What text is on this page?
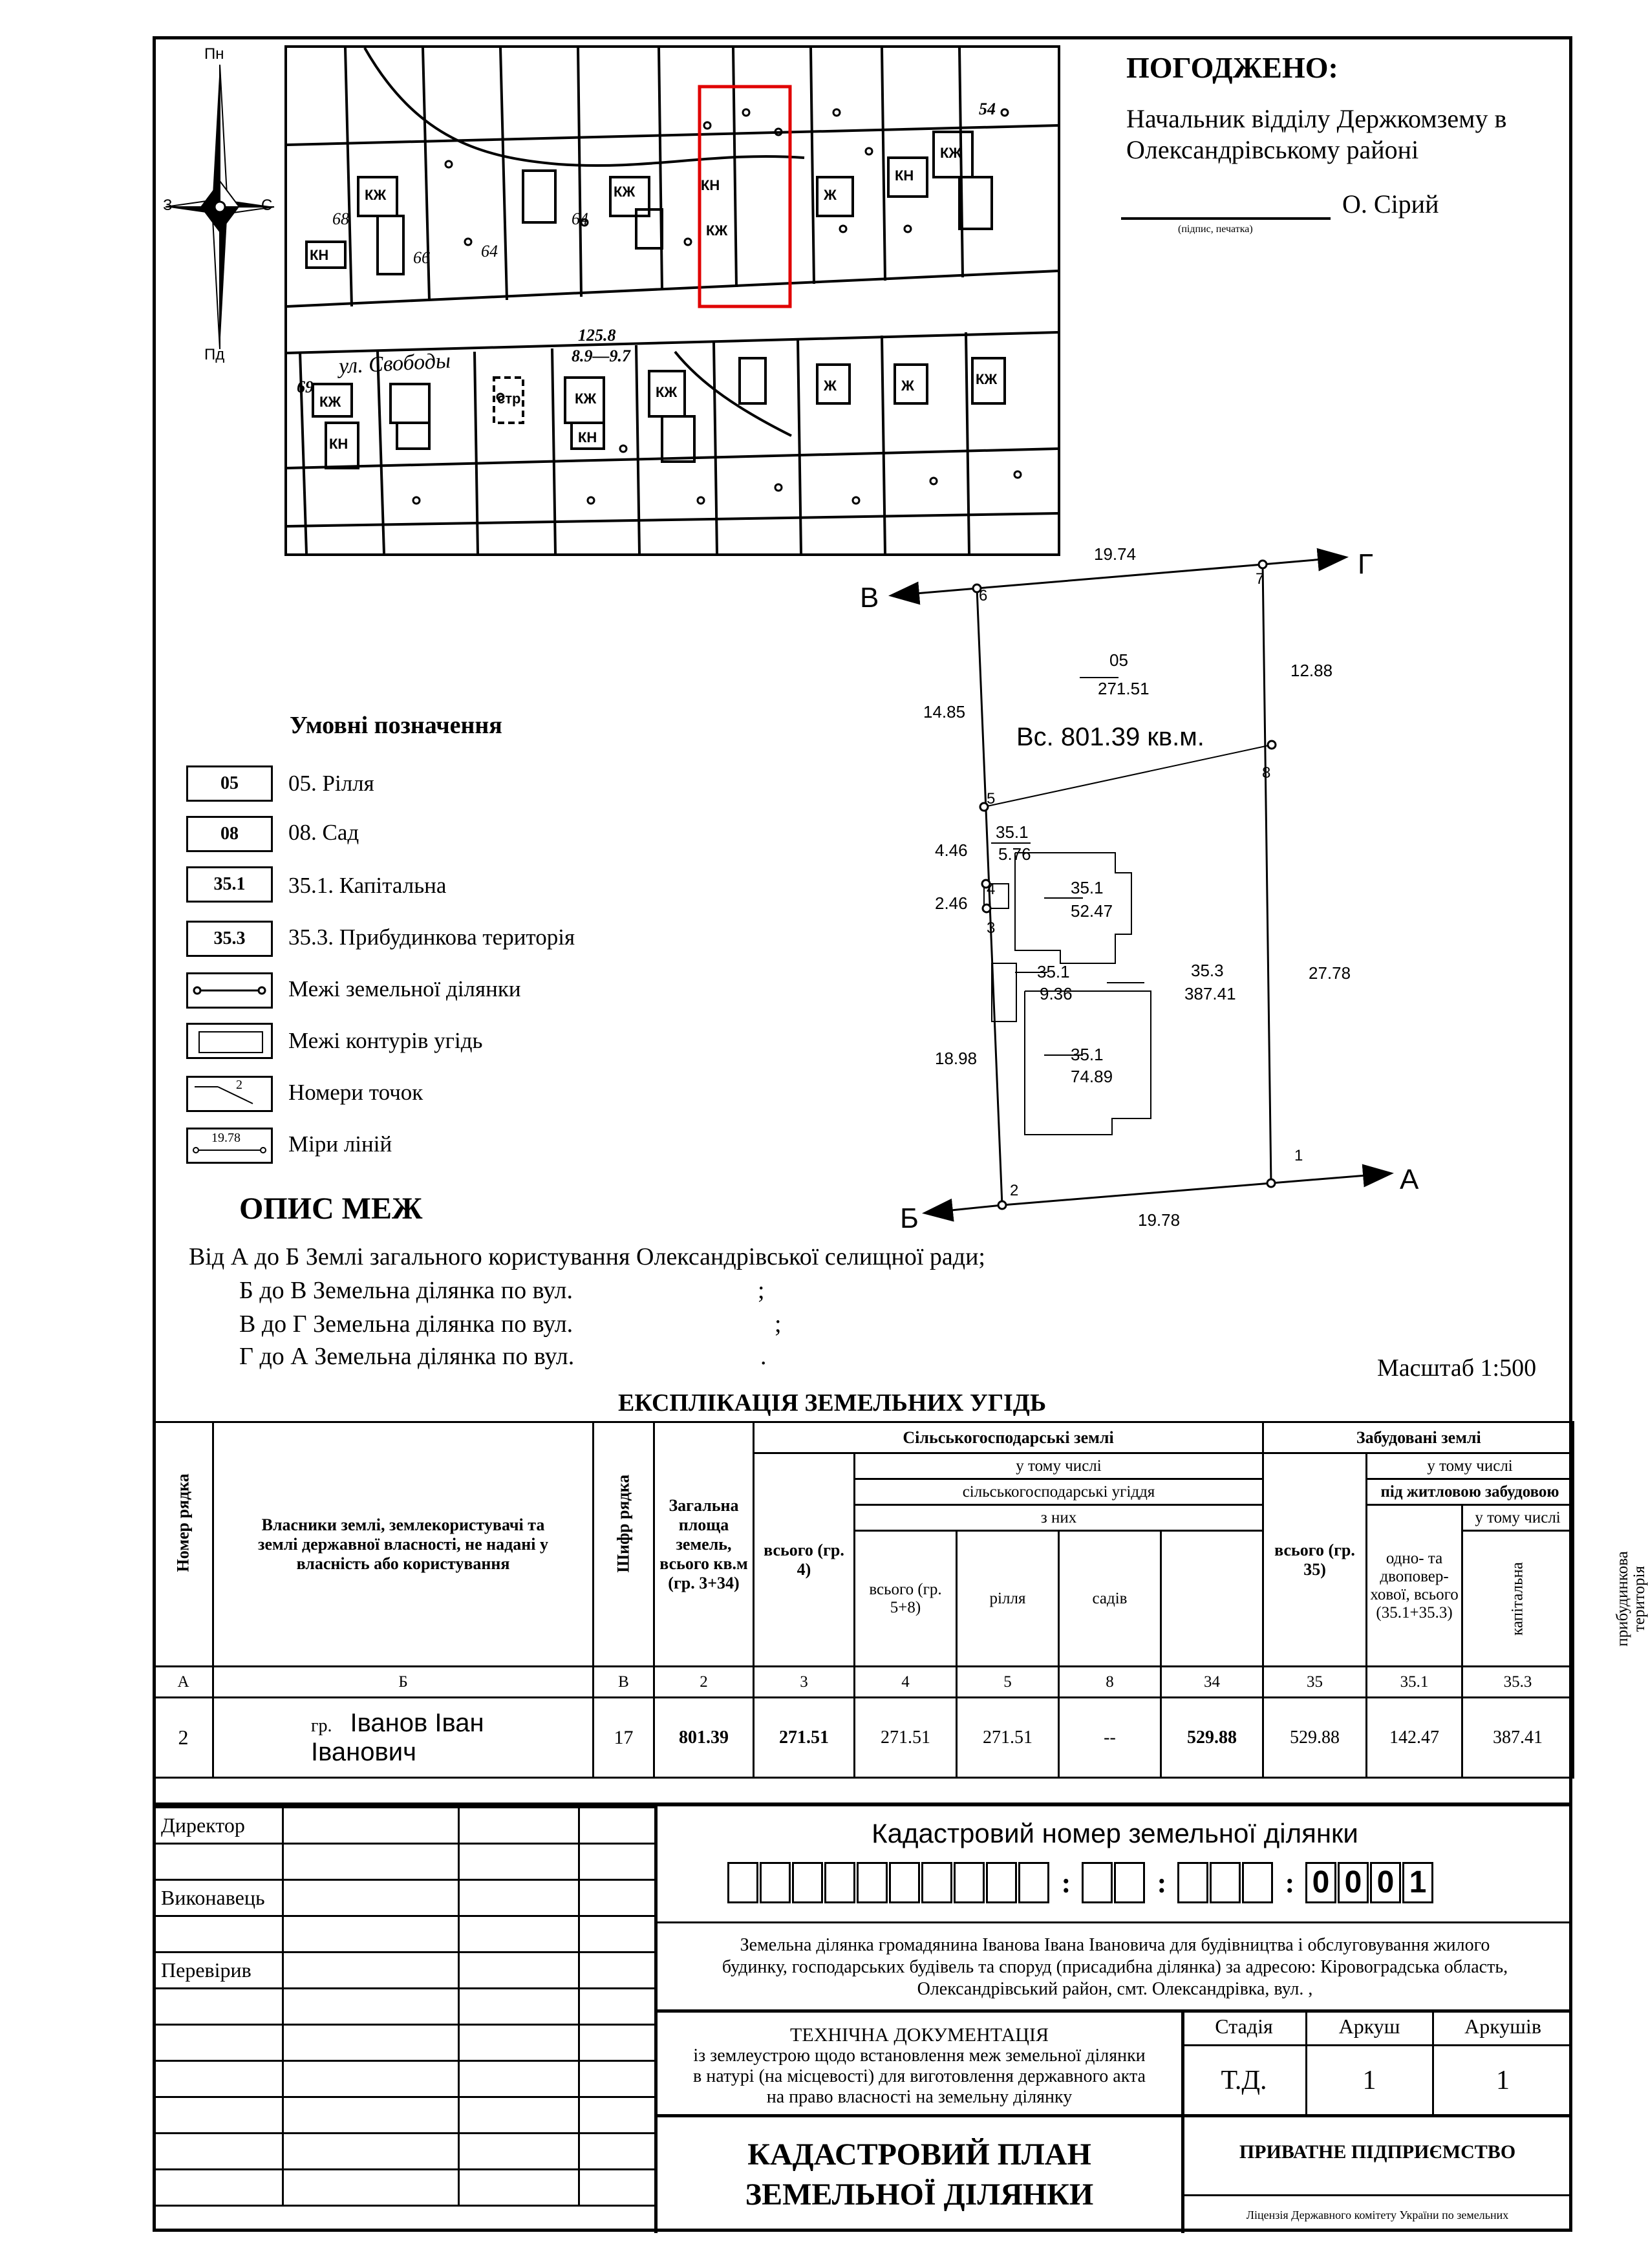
Пн
Пд
З	С
ул. Свободы
125.8
8.9—9.7
68
66	64
64
54
69
КН
КЖ
КН
КЖ	КЖ	Ж
КН
КЖ
КЖ
КН
стр	КЖ
КН
КЖ	Ж	Ж	КЖ
ПОГОДЖЕНО:
Начальник відділу Держкомзему в
Олександрівському районі
О. Сірий
(підпис, печатка)
В
Г
А
Б
1
2
3
4
5
6
7
8
19.74
19.78
14.85
4.46
2.46
18.98
12.88
27.78
Вс. 801.39 кв.м.
05
271.51
35.1
5.76
35.1
52.47
35.1
9.36
35.3
387.41
35.1
74.89
Умовні позначення
05	05. Рілля
08	08. Сад
35.1	35.1. Капітальна
35.3	35.3. Прибудинкова територія
Межі земельної ділянки
Межі контурів угідь
2 Номери точок
19.78 Міри ліній
ОПИС МЕЖ
Від А до Б Землі загального користування Олександрівської селищної ради;
Б до В Земельна ділянка по вул.	;
В до Г Земельна ділянка по вул.	;
Г до А Земельна ділянка по вул.	.	Масштаб 1:500
ЕКСПЛІКАЦІЯ ЗЕМЕЛЬНИХ УГІДЬ
Номер рядка	Власники землі, землекористувачі та землі державної власності, не надані у власність або користування	Шифр рядка	Загальна площа земель, всього кв.м (гр. 3+34)	Сільськогосподарські землі					Забудовані землі			
				всього (гр. 4)	у тому числі				всього (гр. 35)	у тому числі		
					сільськогосподарські угіддя					під житловою забудовою		
					з них					одно- та двоповер- хової, всього (35.1+35.3)	у тому числі	
					всього (гр. 5+8)	рілля	садів				капітальна	прибудинкова територія

А	Б	В	2	3	4	5	8	34	35	35.1	35.3	
2	гр. Іванов Іван Іванович	17	801.39	271.51	271.51	271.51	--	529.88	529.88	142.47	387.41	
Директор			

Виконавець			

Перевірив			

Кадастровий номер земельної ділянки
:	:	: 0 0 0 1
Земельна ділянка громадянина Іванова Івана Івановича для будівництва і обслуговування жилого
будинку, господарських будівель та споруд (присадибна ділянка) за адресою: Кіровоградська область,
Олександрівський район, смт. Олександрівка, вул. ,
ТЕХНІЧНА ДОКУМЕНТАЦІЯ
із землеустрою щодо встановлення меж земельної ділянки
в натурі (на місцевості) для виготовлення державного акта
на право власності на земельну ділянку
Стадія	Аркуш	Аркушів
Т.Д.	1	1
КАДАСТРОВИЙ ПЛАН
ЗЕМЕЛЬНОЇ ДІЛЯНКИ
ПРИВАТНЕ ПІДПРИЄМСТВО
Ліцензія Державного комітету України по земельних
